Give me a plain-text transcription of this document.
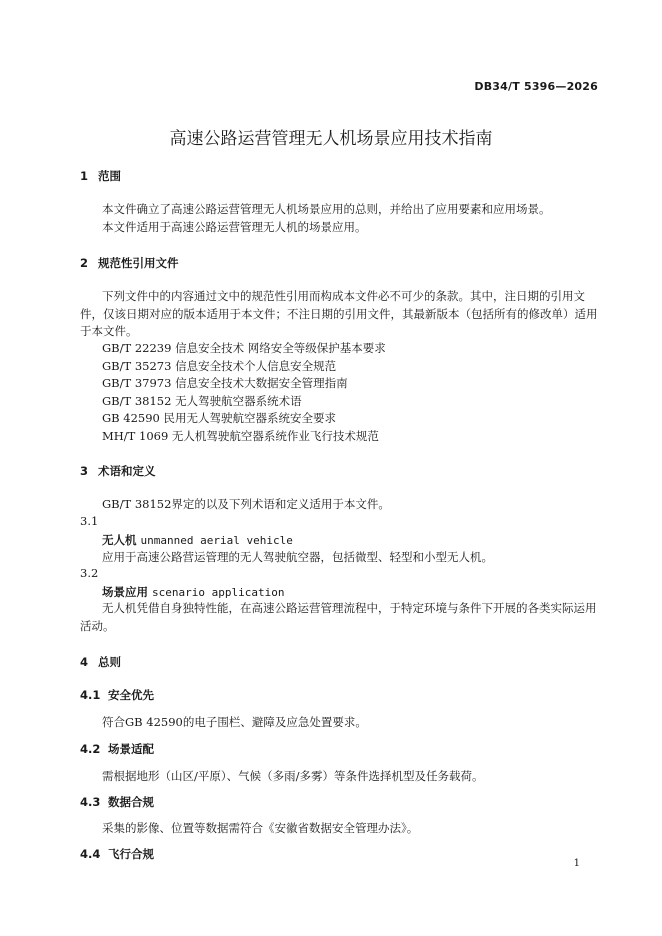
DB34/T 5396—2026
高速公路运营管理无人机场景应用技术指南
1 范围
本文件确立了高速公路运营管理无人机场景应用的总则，并给出了应用要素和应用场景。
本文件适用于高速公路运营管理无人机的场景应用。
2 规范性引用文件
下列文件中的内容通过文中的规范性引用而构成本文件必不可少的条款。其中，注日期的引用文件，仅该日期对应的版本适用于本文件；不注日期的引用文件，其最新版本（包括所有的修改单）适用于本文件。
GB/T 22239 信息安全技术 网络安全等级保护基本要求
GB/T 35273 信息安全技术个人信息安全规范
GB/T 37973 信息安全技术大数据安全管理指南
GB/T 38152 无人驾驶航空器系统术语
GB 42590 民用无人驾驶航空器系统安全要求
MH/T 1069 无人机驾驶航空器系统作业飞行技术规范
3 术语和定义
GB/T 38152界定的以及下列术语和定义适用于本文件。
3.1
无人机 unmanned aerial vehicle
应用于高速公路营运管理的无人驾驶航空器，包括微型、轻型和小型无人机。
3.2
场景应用 scenario application
无人机凭借自身独特性能，在高速公路运营管理流程中，于特定环境与条件下开展的各类实际运用活动。
4 总则
4.1 安全优先
符合GB 42590的电子围栏、避障及应急处置要求。
4.2 场景适配
需根据地形（山区/平原）、气候（多雨/多雾）等条件选择机型及任务载荷。
4.3 数据合规
采集的影像、位置等数据需符合《安徽省数据安全管理办法》。
4.4 飞行合规
1
